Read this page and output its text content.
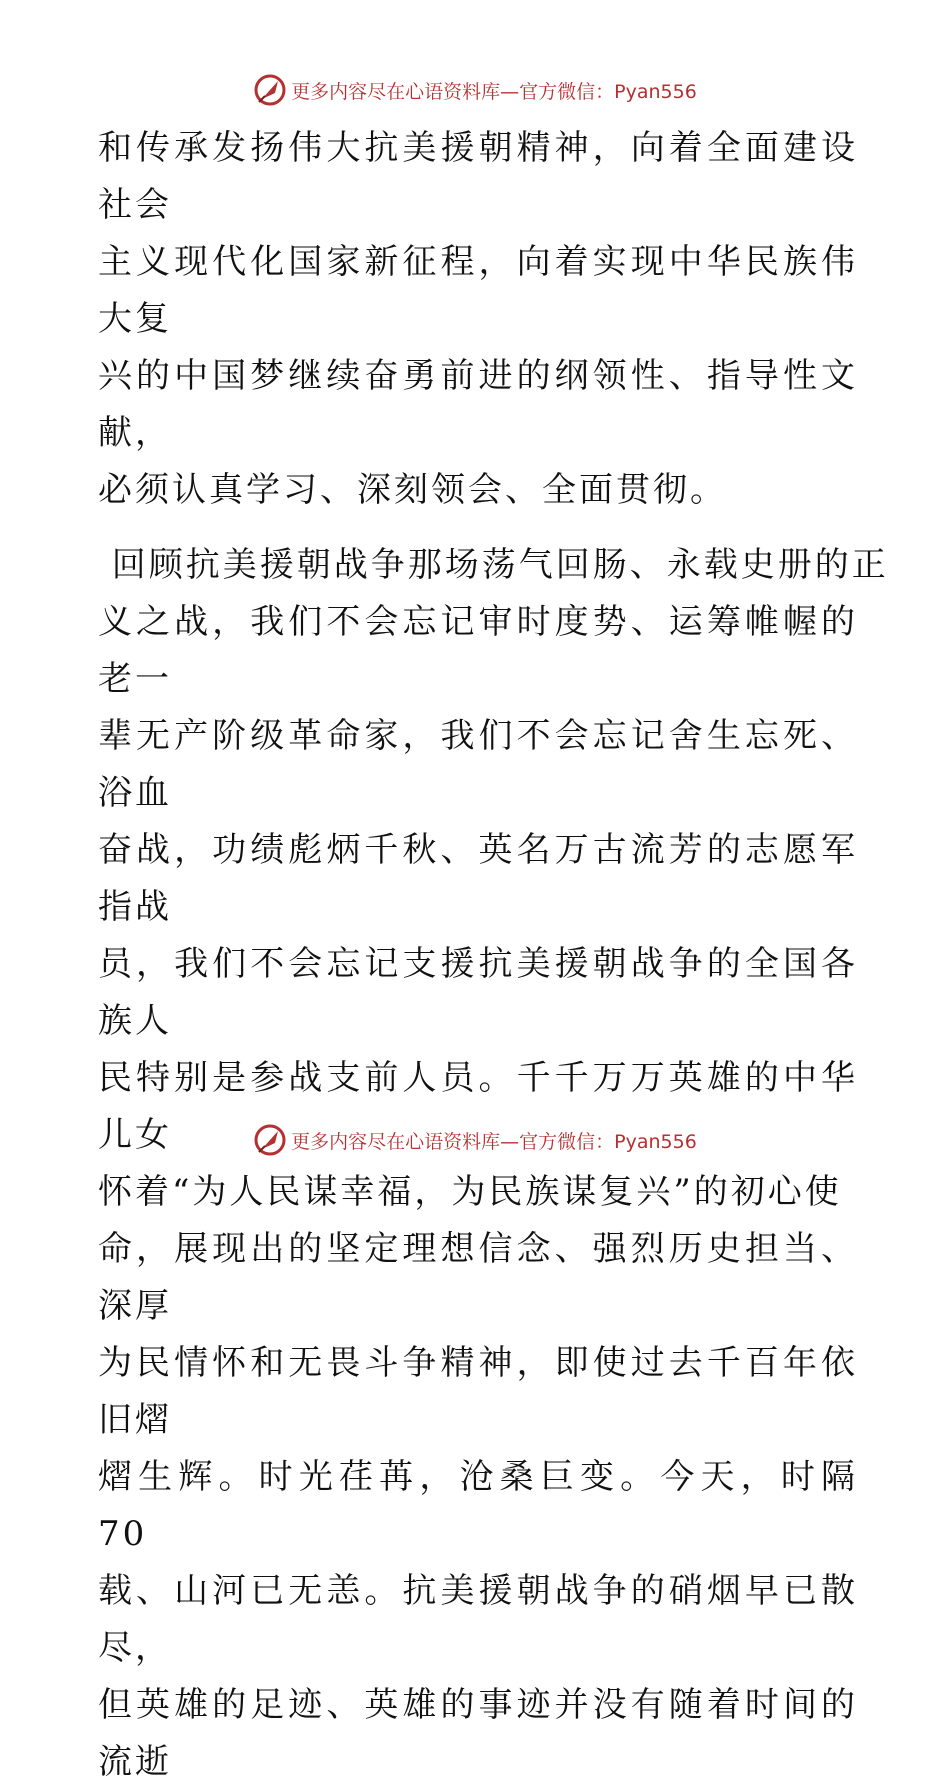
更多内容尽在心语资料库—官方微信：Pyan556

和传承发扬伟大抗美援朝精神，向着全面建设社会

主义现代化国家新征程，向着实现中华民族伟大复

兴的中国梦继续奋勇前进的纲领性、指导性文献，

必须认真学习、深刻领会、全面贯彻。

回顾抗美援朝战争那场荡气回肠、永载史册的正

义之战，我们不会忘记审时度势、运筹帷幄的老一

辈无产阶级革命家，我们不会忘记舍生忘死、浴血

奋战，功绩彪炳千秋、英名万古流芳的志愿军指战

员，我们不会忘记支援抗美援朝战争的全国各族人

民特别是参战支前人员。千千万万英雄的中华儿女

怀着“为人民谋幸福，为民族谋复兴”的初心使

命，展现出的坚定理想信念、强烈历史担当、深厚

为民情怀和无畏斗争精神，即使过去千百年依旧熠

熠生辉。时光荏苒，沧桑巨变。今天，时隔 70

载、山河已无恙。抗美援朝战争的硝烟早已散尽，

但英雄的足迹、英雄的事迹并没有随着时间的流逝

更多内容尽在心语资料库—官方微信：Pyan556
